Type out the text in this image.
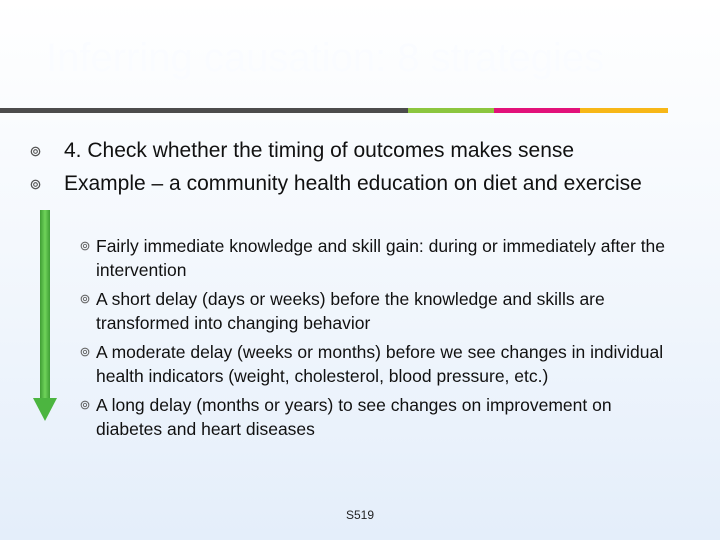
Inferring causation: 8 strategies
4. Check whether the timing of outcomes makes sense
Example – a community health education on diet and exercise
Fairly immediate knowledge and skill gain: during or immediately after the intervention
A short delay (days or weeks) before the knowledge and skills are transformed into changing behavior
A moderate delay (weeks or months) before we see changes in individual health indicators (weight, cholesterol, blood pressure, etc.)
A long delay (months or years) to see changes on improvement on diabetes and heart diseases
S519
